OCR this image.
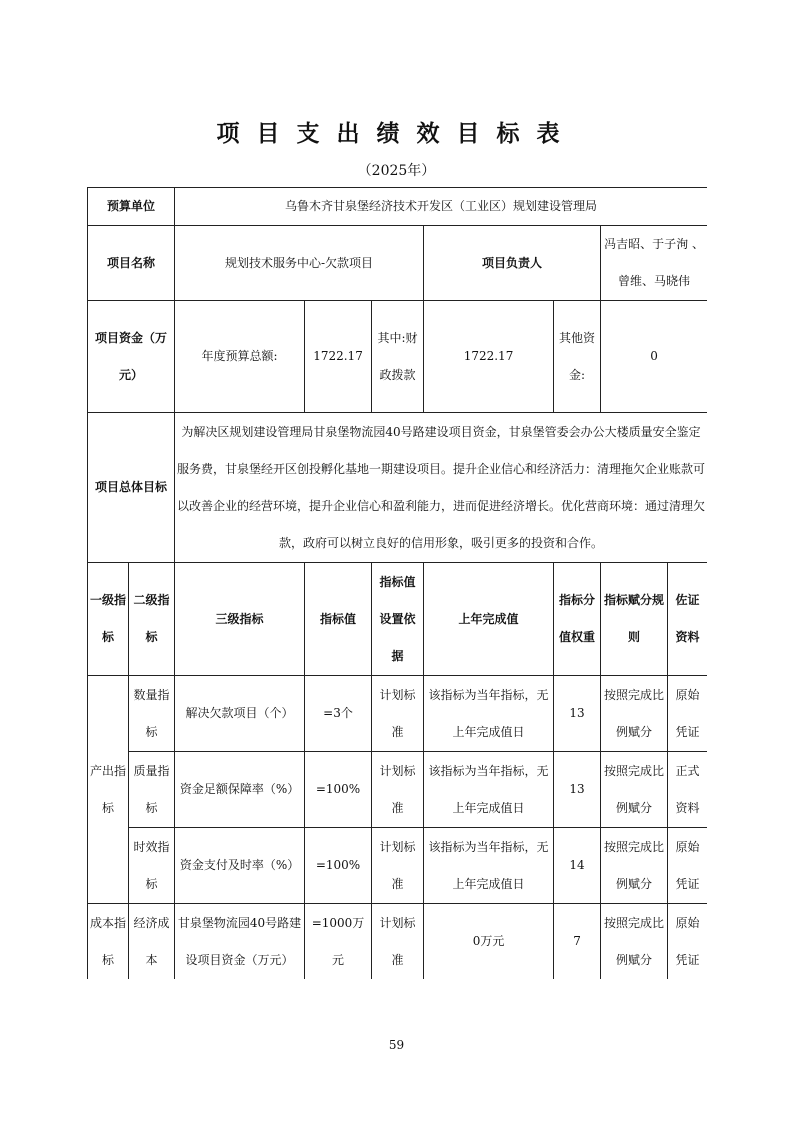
项目支出绩效目标表
（2025年）
预算单位		乌鲁木齐甘泉堡经济技术开发区（工业区）规划建设管理局						
项目名称		规划技术服务中心-欠款项目			项目负责人		冯吉昭、于子洵 、曾维、马晓伟	
项目资金（万元）		年度预算总额:	1722.17	其中:财政拨款	1722.17	其他资金:	0	
项目总体目标		为解决区规划建设管理局甘泉堡物流园40号路建设项目资金，甘泉堡管委会办公大楼质量安全鉴定服务费，甘泉堡经开区创投孵化基地一期建设项目。提升企业信心和经济活力：清理拖欠企业账款可以改善企业的经营环境，提升企业信心和盈利能力，进而促进经济增长。优化营商环境：通过清理欠款，政府可以树立良好的信用形象，吸引更多的投资和合作。						
一级指标	二级指标	三级指标	指标值	指标值设置依据	上年完成值	指标分值权重	指标赋分规则	佐证资料
产出指标	数量指标	解决欠款项目（个）	=3个	计划标准	该指标为当年指标，无上年完成值日	13	按照完成比例赋分	原始凭证
	质量指标	资金足额保障率（%）	=100%	计划标准	该指标为当年指标，无上年完成值日	13	按照完成比例赋分	正式资料
	时效指标	资金支付及时率（%）	=100%	计划标准	该指标为当年指标，无上年完成值日	14	按照完成比例赋分	原始凭证
成本指标	经济成本	甘泉堡物流园40号路建设项目资金（万元）	=1000万元	计划标准	0万元	7	按照完成比例赋分	原始凭证
59
